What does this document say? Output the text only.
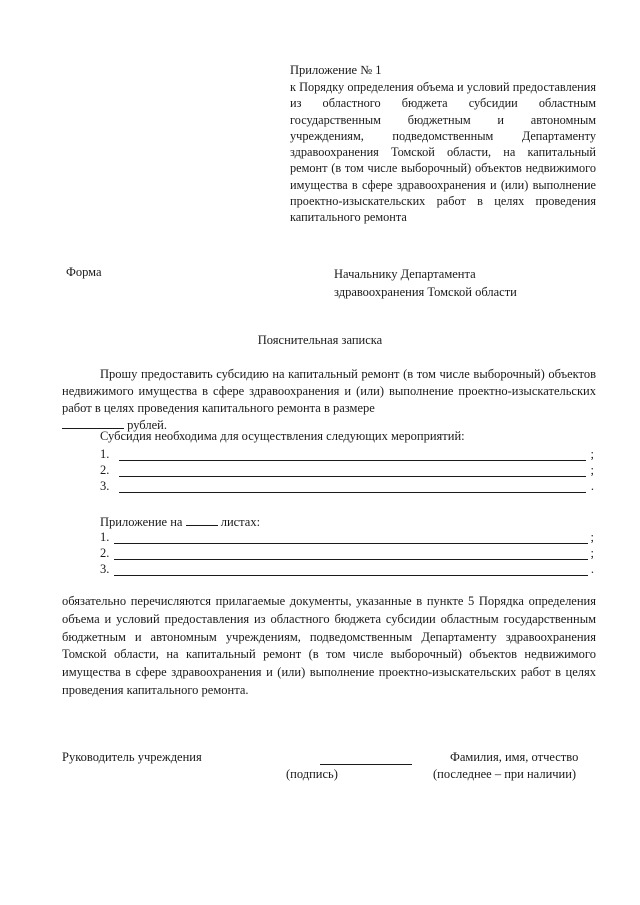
Приложение № 1
к Порядку определения объема и условий предоставления из областного бюджета субсидии областным государственным бюджетным и автономным учреждениям, подведомственным Департаменту здравоохранения Томской области, на капитальный ремонт (в том числе выборочный) объектов недвижимого имущества в сфере здравоохранения и (или) выполнение проектно-изыскательских работ в целях проведения капитального ремонта
Форма	Начальнику Департамента
здравоохранения Томской области
Пояснительная записка
Прошу предоставить субсидию на капитальный ремонт (в том числе выборочный) объектов недвижимого имущества в сфере здравоохранения и (или) выполнение проектно-изыскательских работ в целях проведения капитального ремонта в размере
рублей.
Субсидия необходима для осуществления следующих мероприятий:
1.	;
2.	;
3.	.
Приложение на	листах:
1.	;
2.	;
3.	.
обязательно перечисляются прилагаемые документы, указанные в пункте 5 Порядка определения объема и условий предоставления из областного бюджета субсидии областным государственным бюджетным и автономным учреждениям, подведомственным Департаменту здравоохранения Томской области, на капитальный ремонт (в том числе выборочный) объектов недвижимого имущества в сфере здравоохранения и (или) выполнение проектно-изыскательских работ в целях проведения капитального ремонта.
Руководитель учреждения	Фамилия, имя, отчество
(подпись)	(последнее – при наличии)
